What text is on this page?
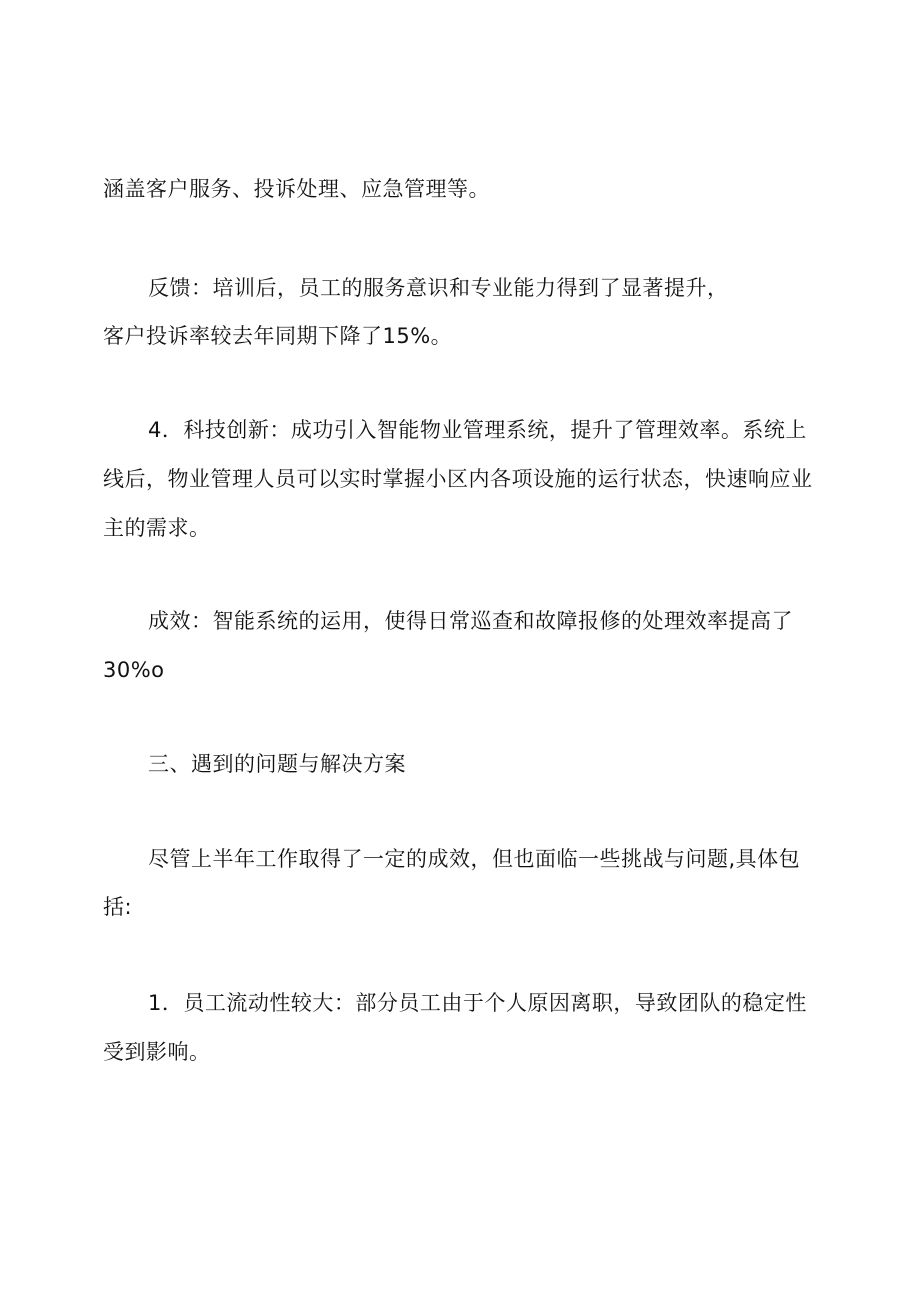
涵盖客户服务、投诉处理、应急管理等。
反馈：培训后，员工的服务意识和专业能力得到了显著提升，
客户投诉率较去年同期下降了15%。
4．科技创新：成功引入智能物业管理系统，提升了管理效率。系统上
线后，物业管理人员可以实时掌握小区内各项设施的运行状态，快速响应业
主的需求。
成效：智能系统的运用，使得日常巡查和故障报修的处理效率提高了
30%o
三、遇到的问题与解决方案
尽管上半年工作取得了一定的成效，但也面临一些挑战与问题,具体包
括:
1．员工流动性较大：部分员工由于个人原因离职，导致团队的稳定性
受到影响。
